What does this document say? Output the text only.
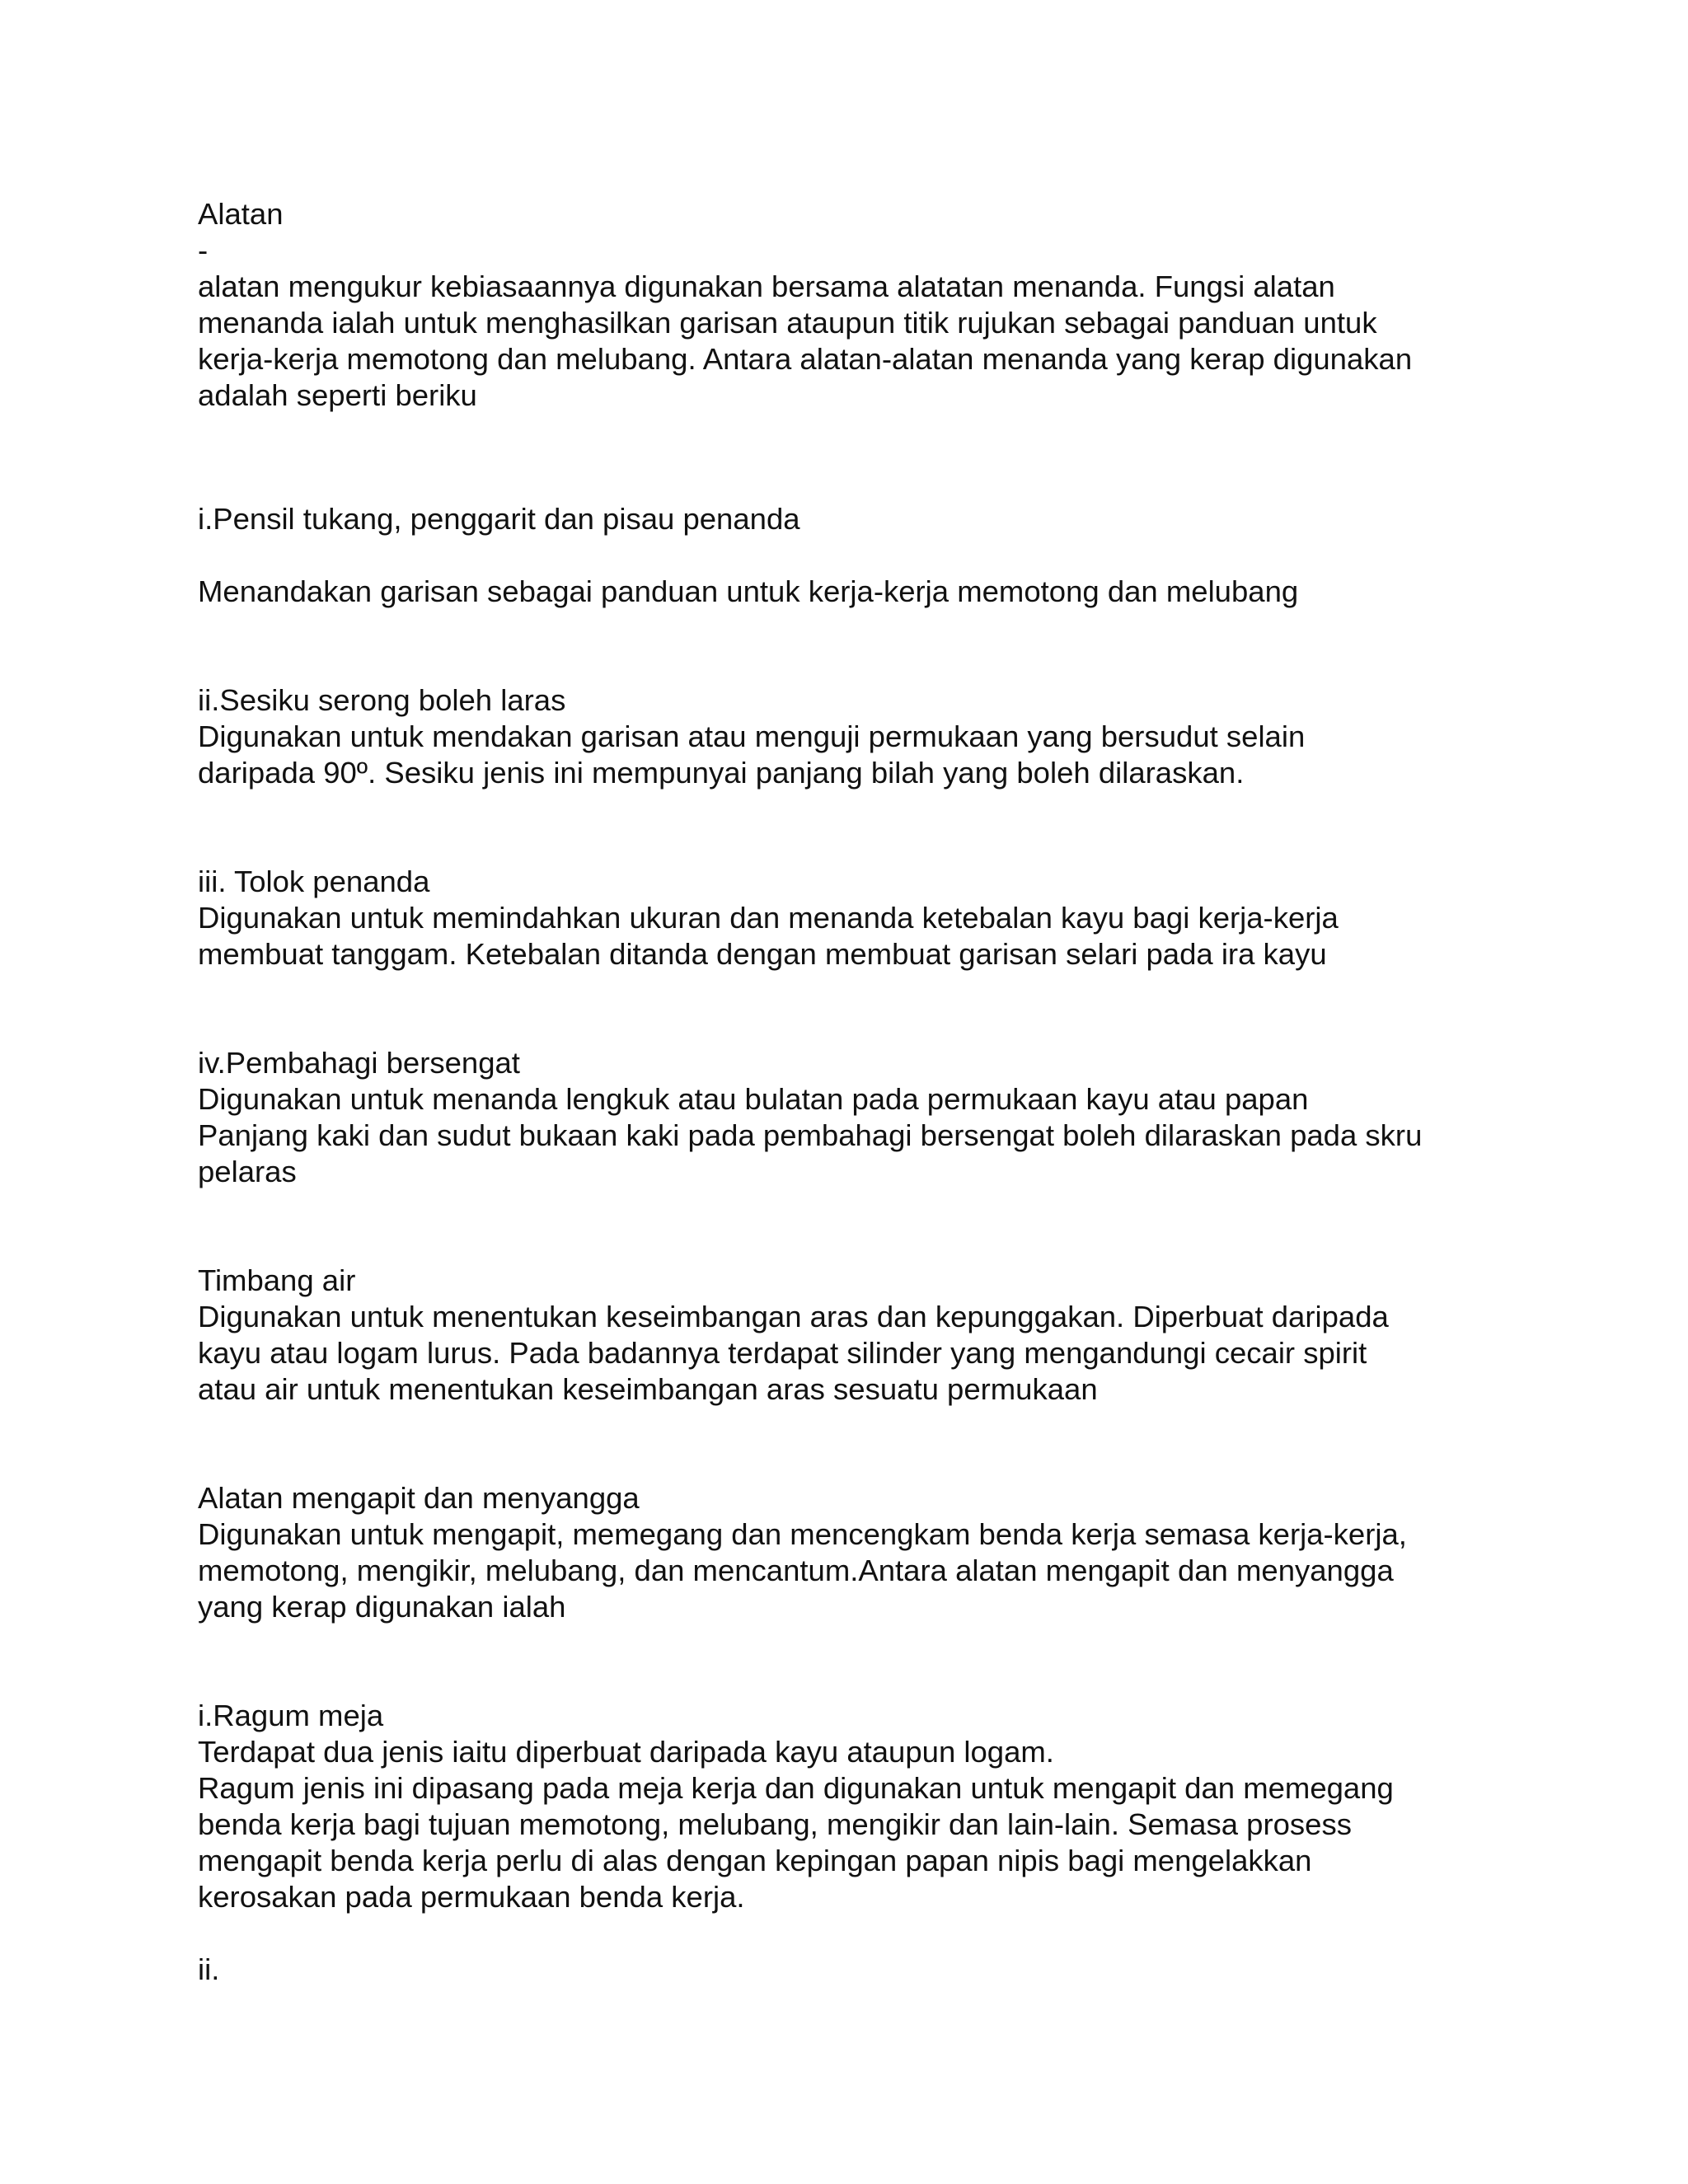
Alatan

-

alatan mengukur kebiasaannya digunakan bersama alatatan menanda. Fungsi alatan

menanda ialah untuk menghasilkan garisan ataupun titik rujukan sebagai panduan untuk

kerja-kerja memotong dan melubang. Antara alatan-alatan menanda yang kerap digunakan

adalah seperti beriku

i.Pensil tukang, penggarit dan pisau penanda

Menandakan garisan sebagai panduan untuk kerja-kerja memotong dan melubang

ii.Sesiku serong boleh laras

Digunakan untuk mendakan garisan atau menguji permukaan yang bersudut selain

daripada 90º. Sesiku jenis ini mempunyai panjang bilah yang boleh dilaraskan.

iii. Tolok penanda

Digunakan untuk memindahkan ukuran dan menanda ketebalan kayu bagi kerja-kerja

membuat tanggam. Ketebalan ditanda dengan membuat garisan selari pada ira kayu

iv.Pembahagi bersengat

Digunakan untuk menanda lengkuk atau bulatan pada permukaan kayu atau papan

Panjang kaki dan sudut bukaan kaki pada pembahagi bersengat boleh dilaraskan pada skru

pelaras

Timbang air

Digunakan untuk menentukan keseimbangan aras dan kepunggakan. Diperbuat daripada

kayu atau logam lurus. Pada badannya terdapat silinder yang mengandungi cecair spirit

atau air untuk menentukan keseimbangan aras sesuatu permukaan

Alatan mengapit dan menyangga

Digunakan untuk mengapit, memegang dan mencengkam benda kerja semasa kerja-kerja,

memotong, mengikir, melubang, dan mencantum.Antara alatan mengapit dan menyangga

yang kerap digunakan ialah

i.Ragum meja

Terdapat dua jenis iaitu diperbuat daripada kayu ataupun logam.

Ragum jenis ini dipasang pada meja kerja dan digunakan untuk mengapit dan memegang

benda kerja bagi tujuan memotong, melubang, mengikir dan lain-lain. Semasa prosess

mengapit benda kerja perlu di alas dengan kepingan papan nipis bagi mengelakkan

kerosakan pada permukaan benda kerja.

ii.
